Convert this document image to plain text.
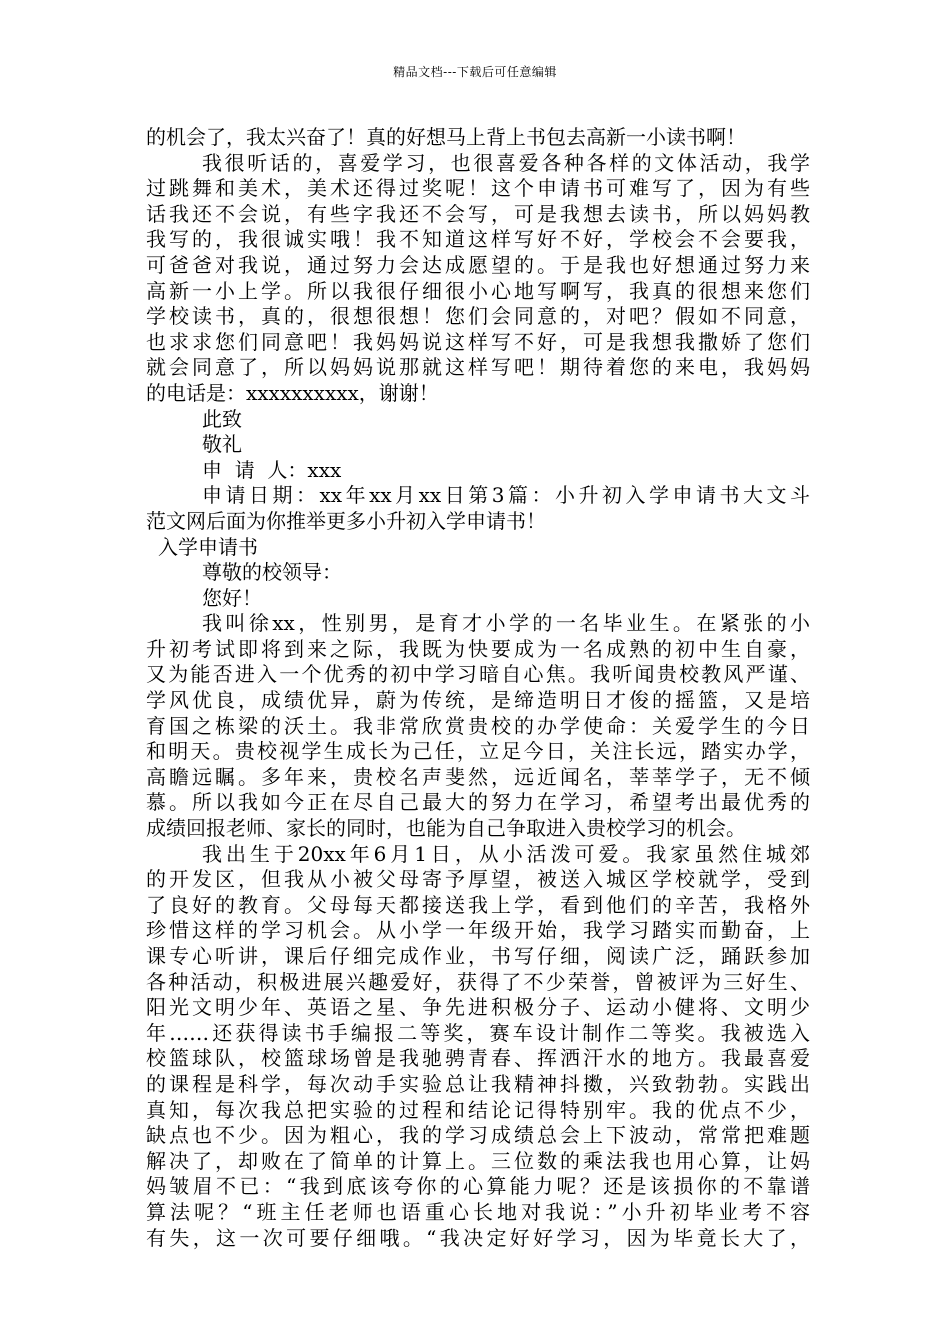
精品文档---下载后可任意编辑
的机会了，我太兴奋了！真的好想马上背上书包去高新一小读书啊！
我很听话的，喜爱学习，也很喜爱各种各样的文体活动，我学
过跳舞和美术，美术还得过奖呢！这个申请书可难写了，因为有些
话我还不会说，有些字我还不会写，可是我想去读书，所以妈妈教
我写的，我很诚实哦！我不知道这样写好不好，学校会不会要我，
可爸爸对我说，通过努力会达成愿望的。于是我也好想通过努力来
高新一小上学。所以我很仔细很小心地写啊写，我真的很想来您们
学校读书，真的，很想很想！您们会同意的，对吧？假如不同意，
也求求您们同意吧！我妈妈说这样写不好，可是我想我撒娇了您们
就会同意了，所以妈妈说那就这样写吧！期待着您的来电，我妈妈
的电话是：xxxxxxxxxx，谢谢！
此致
敬礼
申  请  人：xxx
申请日期：xx年xx月xx日第3篇：小升初入学申请书大文斗
范文网后面为你推举更多小升初入学申请书！
入学申请书
尊敬的校领导：
您好！
我叫徐xx，性别男，是育才小学的一名毕业生。在紧张的小
升初考试即将到来之际，我既为快要成为一名成熟的初中生自豪，
又为能否进入一个优秀的初中学习暗自心焦。我听闻贵校教风严谨、
学风优良，成绩优异，蔚为传统，是缔造明日才俊的摇篮，又是培
育国之栋梁的沃土。我非常欣赏贵校的办学使命：关爱学生的今日
和明天。贵校视学生成长为己任，立足今日，关注长远，踏实办学，
高瞻远瞩。多年来，贵校名声斐然，远近闻名，莘莘学子，无不倾
慕。所以我如今正在尽自己最大的努力在学习，希望考出最优秀的
成绩回报老师、家长的同时，也能为自己争取进入贵校学习的机会。
我出生于20xx年6月1日，从小活泼可爱。我家虽然住城郊
的开发区，但我从小被父母寄予厚望，被送入城区学校就学，受到
了良好的教育。父母每天都接送我上学，看到他们的辛苦，我格外
珍惜这样的学习机会。从小学一年级开始，我学习踏实而勤奋，上
课专心听讲，课后仔细完成作业，书写仔细，阅读广泛，踊跃参加
各种活动，积极进展兴趣爱好，获得了不少荣誉，曾被评为三好生、
阳光文明少年、英语之星、争先进积极分子、运动小健将、文明少
年……还获得读书手编报二等奖，赛车设计制作二等奖。我被选入
校篮球队，校篮球场曾是我驰骋青春、挥洒汗水的地方。我最喜爱
的课程是科学，每次动手实验总让我精神抖擞，兴致勃勃。实践出
真知，每次我总把实验的过程和结论记得特别牢。我的优点不少，
缺点也不少。因为粗心，我的学习成绩总会上下波动，常常把难题
解决了，却败在了简单的计算上。三位数的乘法我也用心算，让妈
妈皱眉不已：“我到底该夸你的心算能力呢？还是该损你的不靠谱
算法呢？“班主任老师也语重心长地对我说：”小升初毕业考不容
有失，这一次可要仔细哦。“我决定好好学习，因为毕竟长大了，
